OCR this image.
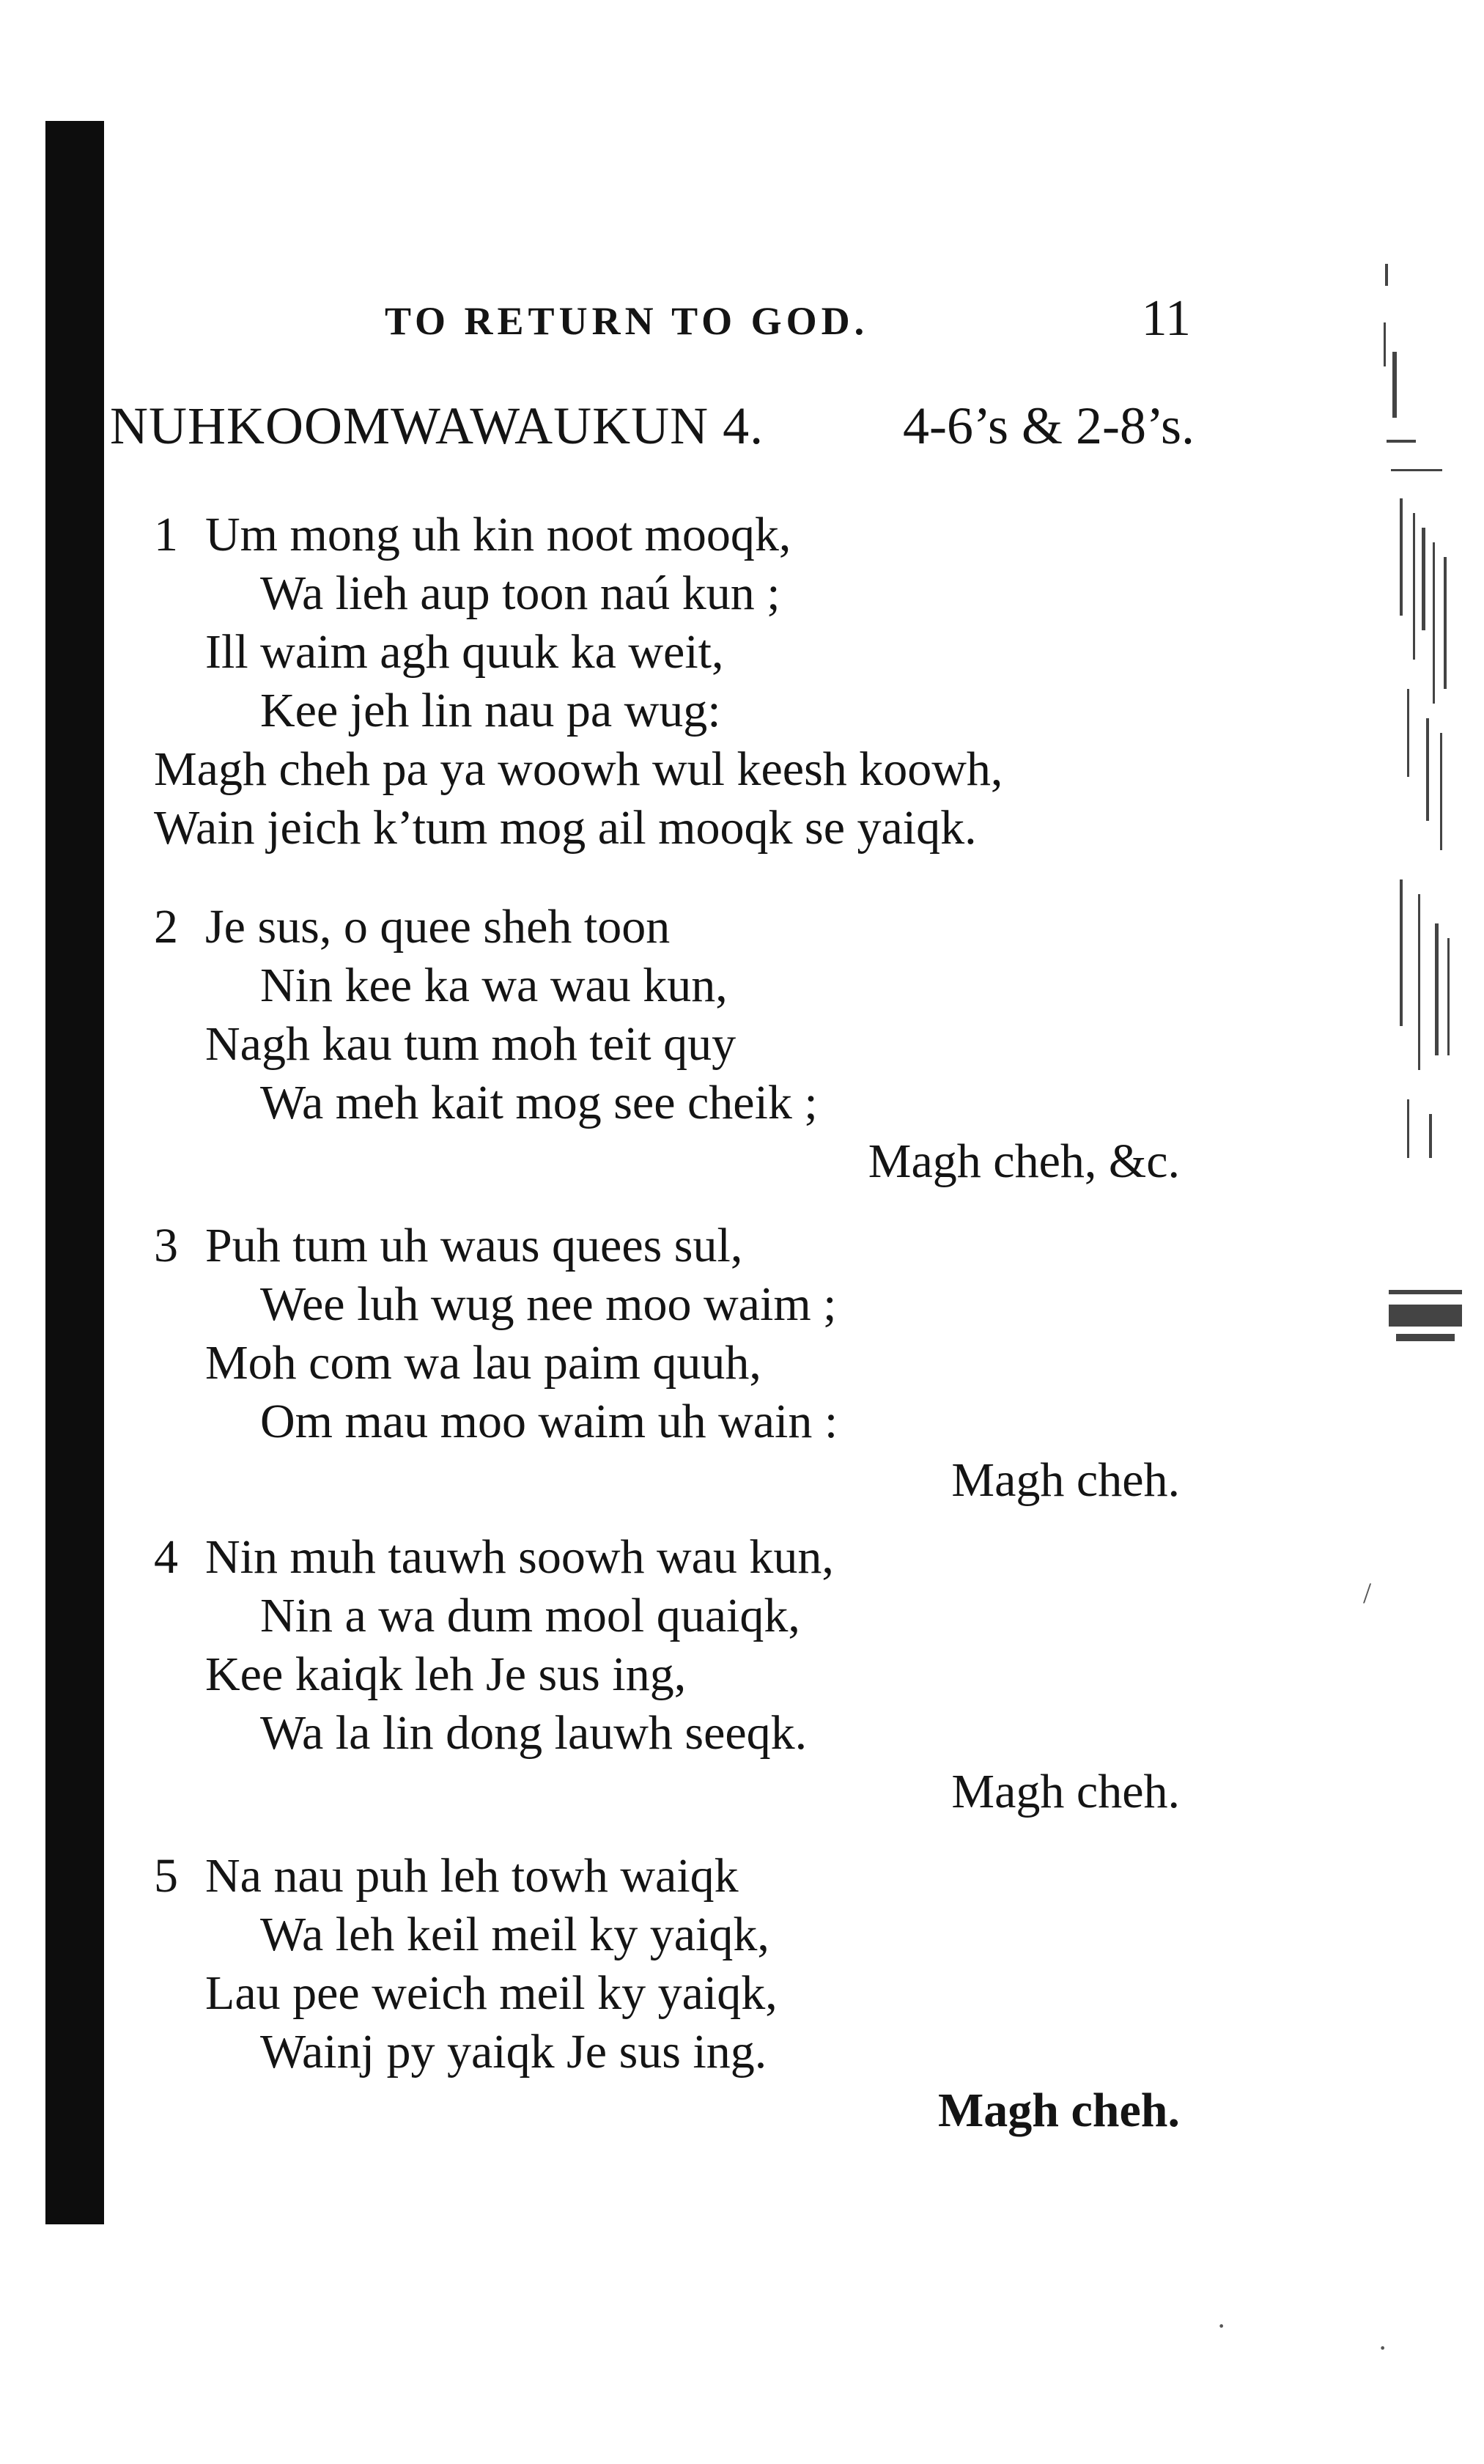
TO RETURN TO GOD.	11
NUHKOOMWAWAUKUN 4.	4-6’s & 2-8’s.
1 Um mong uh kin noot mooqk,
Wa lieh aup toon naú kun ;
Ill waim agh quuk ka weit,
Kee jeh lin nau pa wug:
Magh cheh pa ya woowh wul keesh koowh,
Wain jeich k’tum mog ail mooqk se yaiqk.
2 Je sus, o quee sheh toon
Nin kee ka wa wau kun,
Nagh kau tum moh teit quy
Wa meh kait mog see cheik ;
Magh cheh, &c.
3 Puh tum uh waus quees sul,
Wee luh wug nee moo waim ;
Moh com wa lau paim quuh,
Om mau moo waim uh wain :
Magh cheh.
4 Nin muh tauwh soowh wau kun,
Nin a wa dum mool quaiqk,
Kee kaiqk leh Je sus ing,
Wa la lin dong lauwh seeqk.
Magh cheh.
5 Na nau puh leh towh waiqk
Wa leh keil meil ky yaiqk,
Lau pee weich meil ky yaiqk,
Wainj py yaiqk Je sus ing.
Magh cheh.
·
·
/
